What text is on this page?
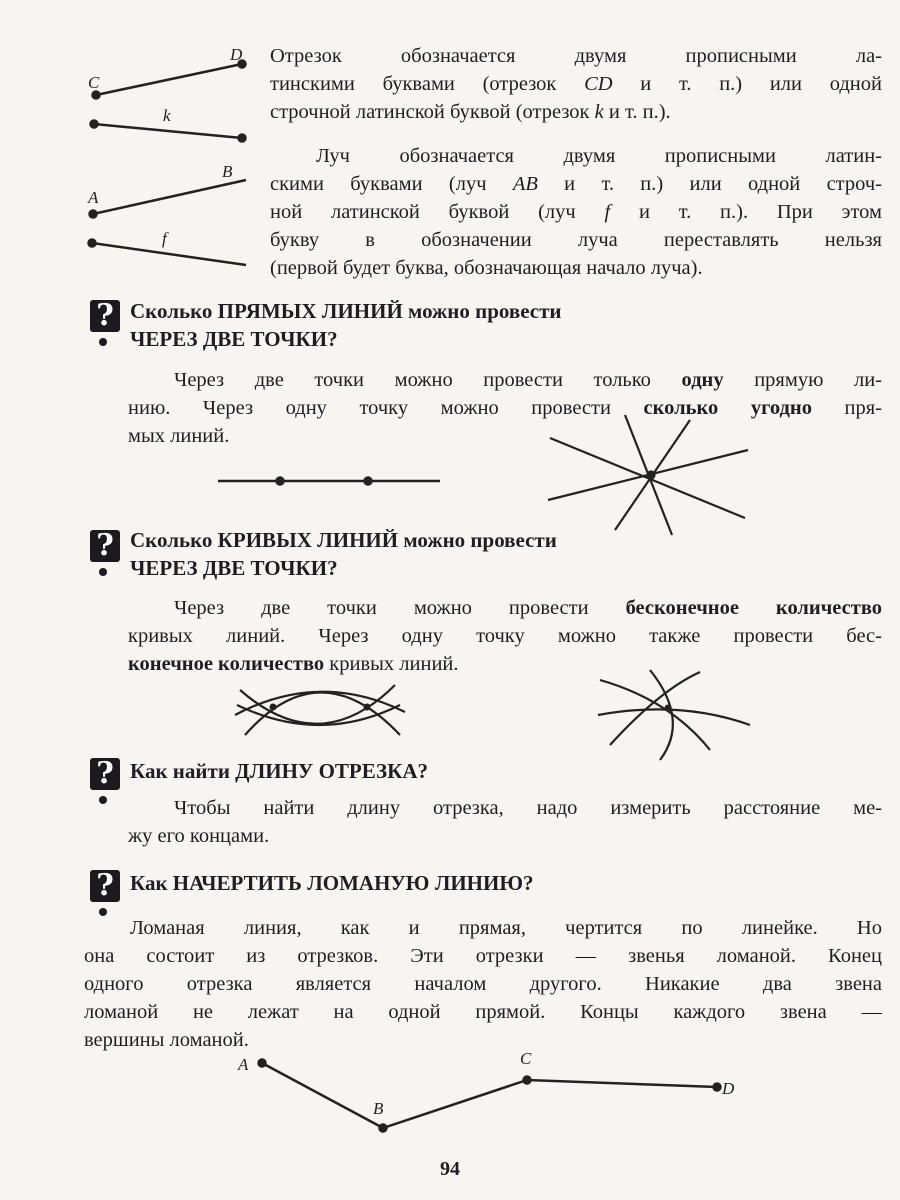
C
D
k
A
B
f
A
B
C
D
Отрезок обозначается двумя прописными ла-
тинскими буквами (отрезок CD и т. п.) или одной
строчной латинской буквой (отрезок k и т. п.).
Луч обозначается двумя прописными латин-
скими буквами (луч AB и т. п.) или одной строч-
ной латинской буквой (луч f и т. п.). При этом
букву в обозначении луча переставлять нельзя
(первой будет буква, обозначающая начало луча).
? Сколько ПРЯМЫХ ЛИНИЙ можно провести
ЧЕРЕЗ ДВЕ ТОЧКИ?
Через две точки можно провести только одну прямую ли-
нию. Через одну точку можно провести сколько угодно пря-
мых линий.
? Сколько КРИВЫХ ЛИНИЙ можно провести
ЧЕРЕЗ ДВЕ ТОЧКИ?
Через две точки можно провести бесконечное количество
кривых линий. Через одну точку можно также провести бес-
конечное количество кривых линий.
? Как найти ДЛИНУ ОТРЕЗКА?
Чтобы найти длину отрезка, надо измерить расстояние ме-
жу его концами.
? Как НАЧЕРТИТЬ ЛОМАНУЮ ЛИНИЮ?
Ломаная линия, как и прямая, чертится по линейке. Но
она состоит из отрезков. Эти отрезки — звенья ломаной. Конец
одного отрезка является началом другого. Никакие два звена
ломаной не лежат на одной прямой. Концы каждого звена —
вершины ломаной.
94
